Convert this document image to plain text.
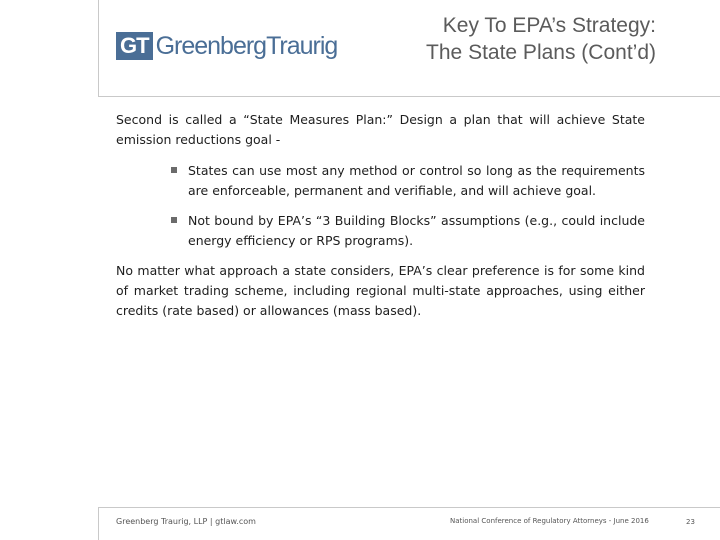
GT GreenbergTraurig
Key To EPA’s Strategy:
The State Plans (Cont’d)

Second is called a “State Measures Plan:” Design a plan that will achieve State emission reductions goal -

States can use most any method or control so long as the requirements are enforceable, permanent and verifiable, and will achieve goal.
Not bound by EPA’s “3 Building Blocks” assumptions (e.g., could include energy efficiency or RPS programs).

No matter what approach a state considers, EPA’s clear preference is for some kind of market trading scheme, including regional multi-state approaches, using either credits (rate based) or allowances (mass based).

Greenberg Traurig, LLP | gtlaw.com	National Conference of Regulatory Attorneys - June 2016	23
